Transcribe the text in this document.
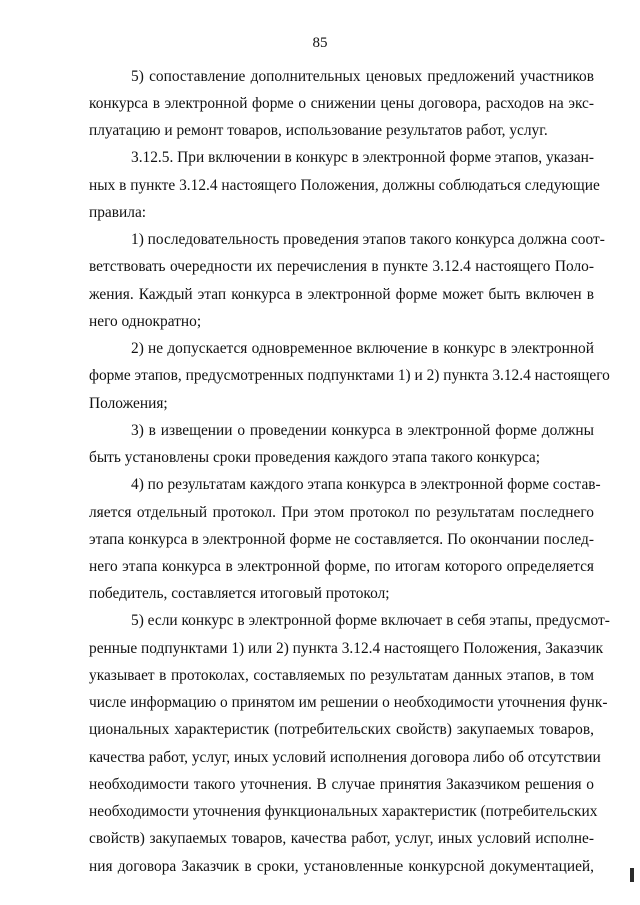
85
5) сопоставление дополнительных ценовых предложений участников
конкурса в электронной форме о снижении цены договора, расходов на экс-
плуатацию и ремонт товаров, использование результатов работ, услуг.
3.12.5. При включении в конкурс в электронной форме этапов, указан-
ных в пункте 3.12.4 настоящего Положения, должны соблюдаться следующие
правила:
1) последовательность проведения этапов такого конкурса должна соот-
ветствовать очередности их перечисления в пункте 3.12.4 настоящего Поло-
жения. Каждый этап конкурса в электронной форме может быть включен в
него однократно;
2) не допускается одновременное включение в конкурс в электронной
форме этапов, предусмотренных подпунктами 1) и 2) пункта 3.12.4 настоящего
Положения;
3) в извещении о проведении конкурса в электронной форме должны
быть установлены сроки проведения каждого этапа такого конкурса;
4) по результатам каждого этапа конкурса в электронной форме состав-
ляется отдельный протокол. При этом протокол по результатам последнего
этапа конкурса в электронной форме не составляется. По окончании послед-
него этапа конкурса в электронной форме, по итогам которого определяется
победитель, составляется итоговый протокол;
5) если конкурс в электронной форме включает в себя этапы, предусмот-
ренные подпунктами 1) или 2) пункта 3.12.4 настоящего Положения, Заказчик
указывает в протоколах, составляемых по результатам данных этапов, в том
числе информацию о принятом им решении о необходимости уточнения функ-
циональных характеристик (потребительских свойств) закупаемых товаров,
качества работ, услуг, иных условий исполнения договора либо об отсутствии
необходимости такого уточнения. В случае принятия Заказчиком решения о
необходимости уточнения функциональных характеристик (потребительских
свойств) закупаемых товаров, качества работ, услуг, иных условий исполне-
ния договора Заказчик в сроки, установленные конкурсной документацией,
